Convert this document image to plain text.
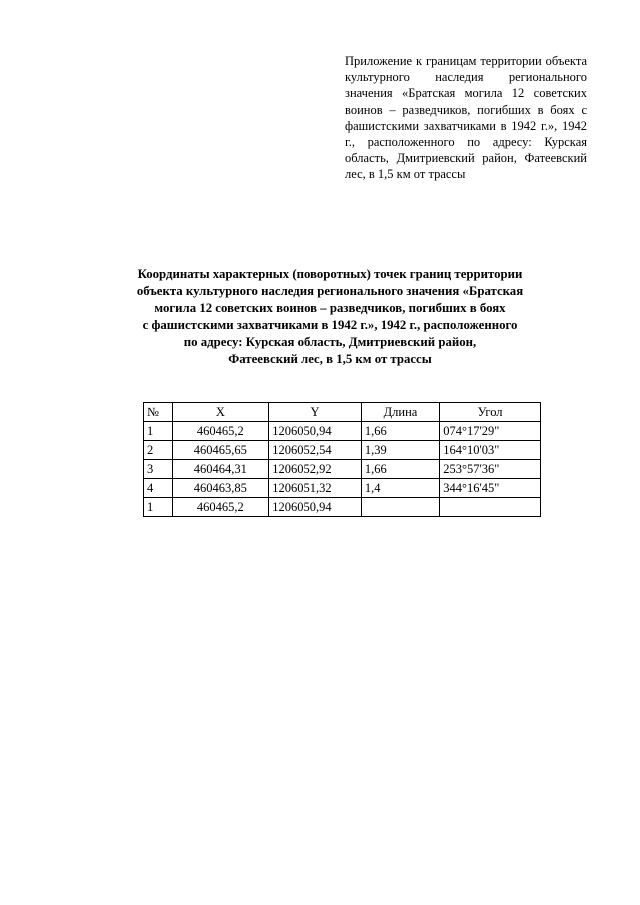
Приложение к границам территории объекта культурного наследия регионального значения «Братская могила 12 советских воинов – разведчиков, погибших в боях с фашистскими захватчиками в 1942 г.», 1942 г., расположенного по адресу: Курская область, Дмитриевский район, Фатеевский лес, в 1,5 км от трассы
Координаты характерных (поворотных) точек границ территории
объекта культурного наследия регионального значения «Братская
могила 12 советских воинов – разведчиков, погибших в боях
с фашистскими захватчиками в 1942 г.», 1942 г., расположенного
по адресу: Курская область, Дмитриевский район,
Фатеевский лес, в 1,5 км от трассы
№	X	Y	Длина	Угол
1	460465,2	1206050,94	1,66	074°17'29"
2	460465,65	1206052,54	1,39	164°10'03"
3	460464,31	1206052,92	1,66	253°57'36"
4	460463,85	1206051,32	1,4	344°16'45"
1	460465,2	1206050,94		
